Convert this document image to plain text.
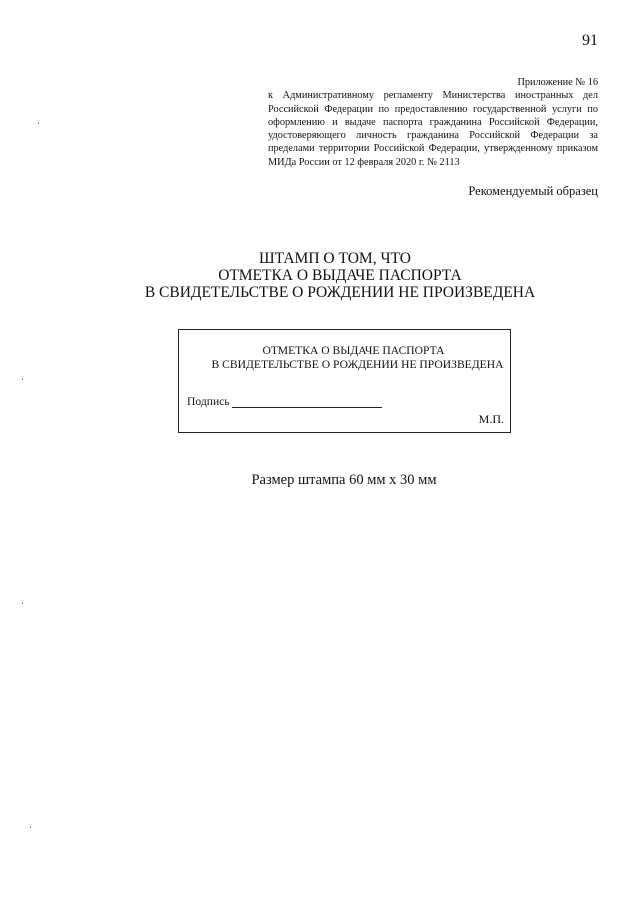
91
Приложение № 16
к Административному регламенту Министерства иностранных дел Российской Федерации по предоставлению государственной услуги по оформлению и выдаче паспорта гражданина Российской Федерации, удостоверяющего личность гражданина Российской Федерации за пределами территории Российской Федерации, утвержденному приказом МИДа России от 12 февраля 2020 г. № 2113
Рекомендуемый образец
ШТАМП О ТОМ, ЧТО
ОТМЕТКА О ВЫДАЧЕ ПАСПОРТА
В СВИДЕТЕЛЬСТВЕ О РОЖДЕНИИ НЕ ПРОИЗВЕДЕНА
ОТМЕТКА О ВЫДАЧЕ ПАСПОРТА
В СВИДЕТЕЛЬСТВЕ О РОЖДЕНИИ НЕ ПРОИЗВЕДЕНА
Подпись
М.П.
Размер штампа 60 мм х 30 мм
